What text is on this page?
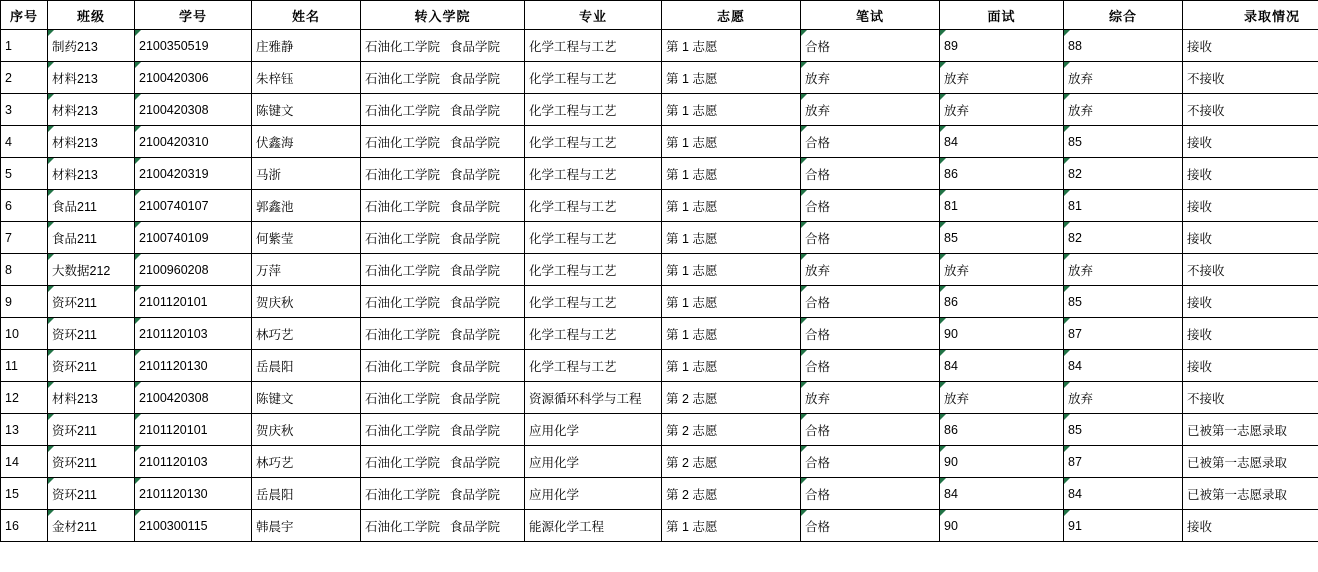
序号	班级	学号	姓名	转入学院	专业	志愿	笔试	面试	综合	录取情况
1	制药213	2100350519	庄雅静	石油化工学院 食品学院	化学工程与工艺	第 1 志愿	合格	89	88	接收
2	材料213	2100420306	朱梓钰	石油化工学院 食品学院	化学工程与工艺	第 1 志愿	放弃	放弃	放弃	不接收
3	材料213	2100420308	陈键文	石油化工学院 食品学院	化学工程与工艺	第 1 志愿	放弃	放弃	放弃	不接收
4	材料213	2100420310	伏鑫海	石油化工学院 食品学院	化学工程与工艺	第 1 志愿	合格	84	85	接收
5	材料213	2100420319	马浙	石油化工学院 食品学院	化学工程与工艺	第 1 志愿	合格	86	82	接收
6	食品211	2100740107	郭鑫池	石油化工学院 食品学院	化学工程与工艺	第 1 志愿	合格	81	81	接收
7	食品211	2100740109	何紫莹	石油化工学院 食品学院	化学工程与工艺	第 1 志愿	合格	85	82	接收
8	大数据212	2100960208	万萍	石油化工学院 食品学院	化学工程与工艺	第 1 志愿	放弃	放弃	放弃	不接收
9	资环211	2101120101	贺庆秋	石油化工学院 食品学院	化学工程与工艺	第 1 志愿	合格	86	85	接收
10	资环211	2101120103	林巧艺	石油化工学院 食品学院	化学工程与工艺	第 1 志愿	合格	90	87	接收
11	资环211	2101120130	岳晨阳	石油化工学院 食品学院	化学工程与工艺	第 1 志愿	合格	84	84	接收
12	材料213	2100420308	陈键文	石油化工学院 食品学院	资源循环科学与工程	第 2 志愿	放弃	放弃	放弃	不接收
13	资环211	2101120101	贺庆秋	石油化工学院 食品学院	应用化学	第 2 志愿	合格	86	85	已被第一志愿录取
14	资环211	2101120103	林巧艺	石油化工学院 食品学院	应用化学	第 2 志愿	合格	90	87	已被第一志愿录取
15	资环211	2101120130	岳晨阳	石油化工学院 食品学院	应用化学	第 2 志愿	合格	84	84	已被第一志愿录取
16	金材211	2100300115	韩晨宇	石油化工学院 食品学院	能源化学工程	第 1 志愿	合格	90	91	接收
